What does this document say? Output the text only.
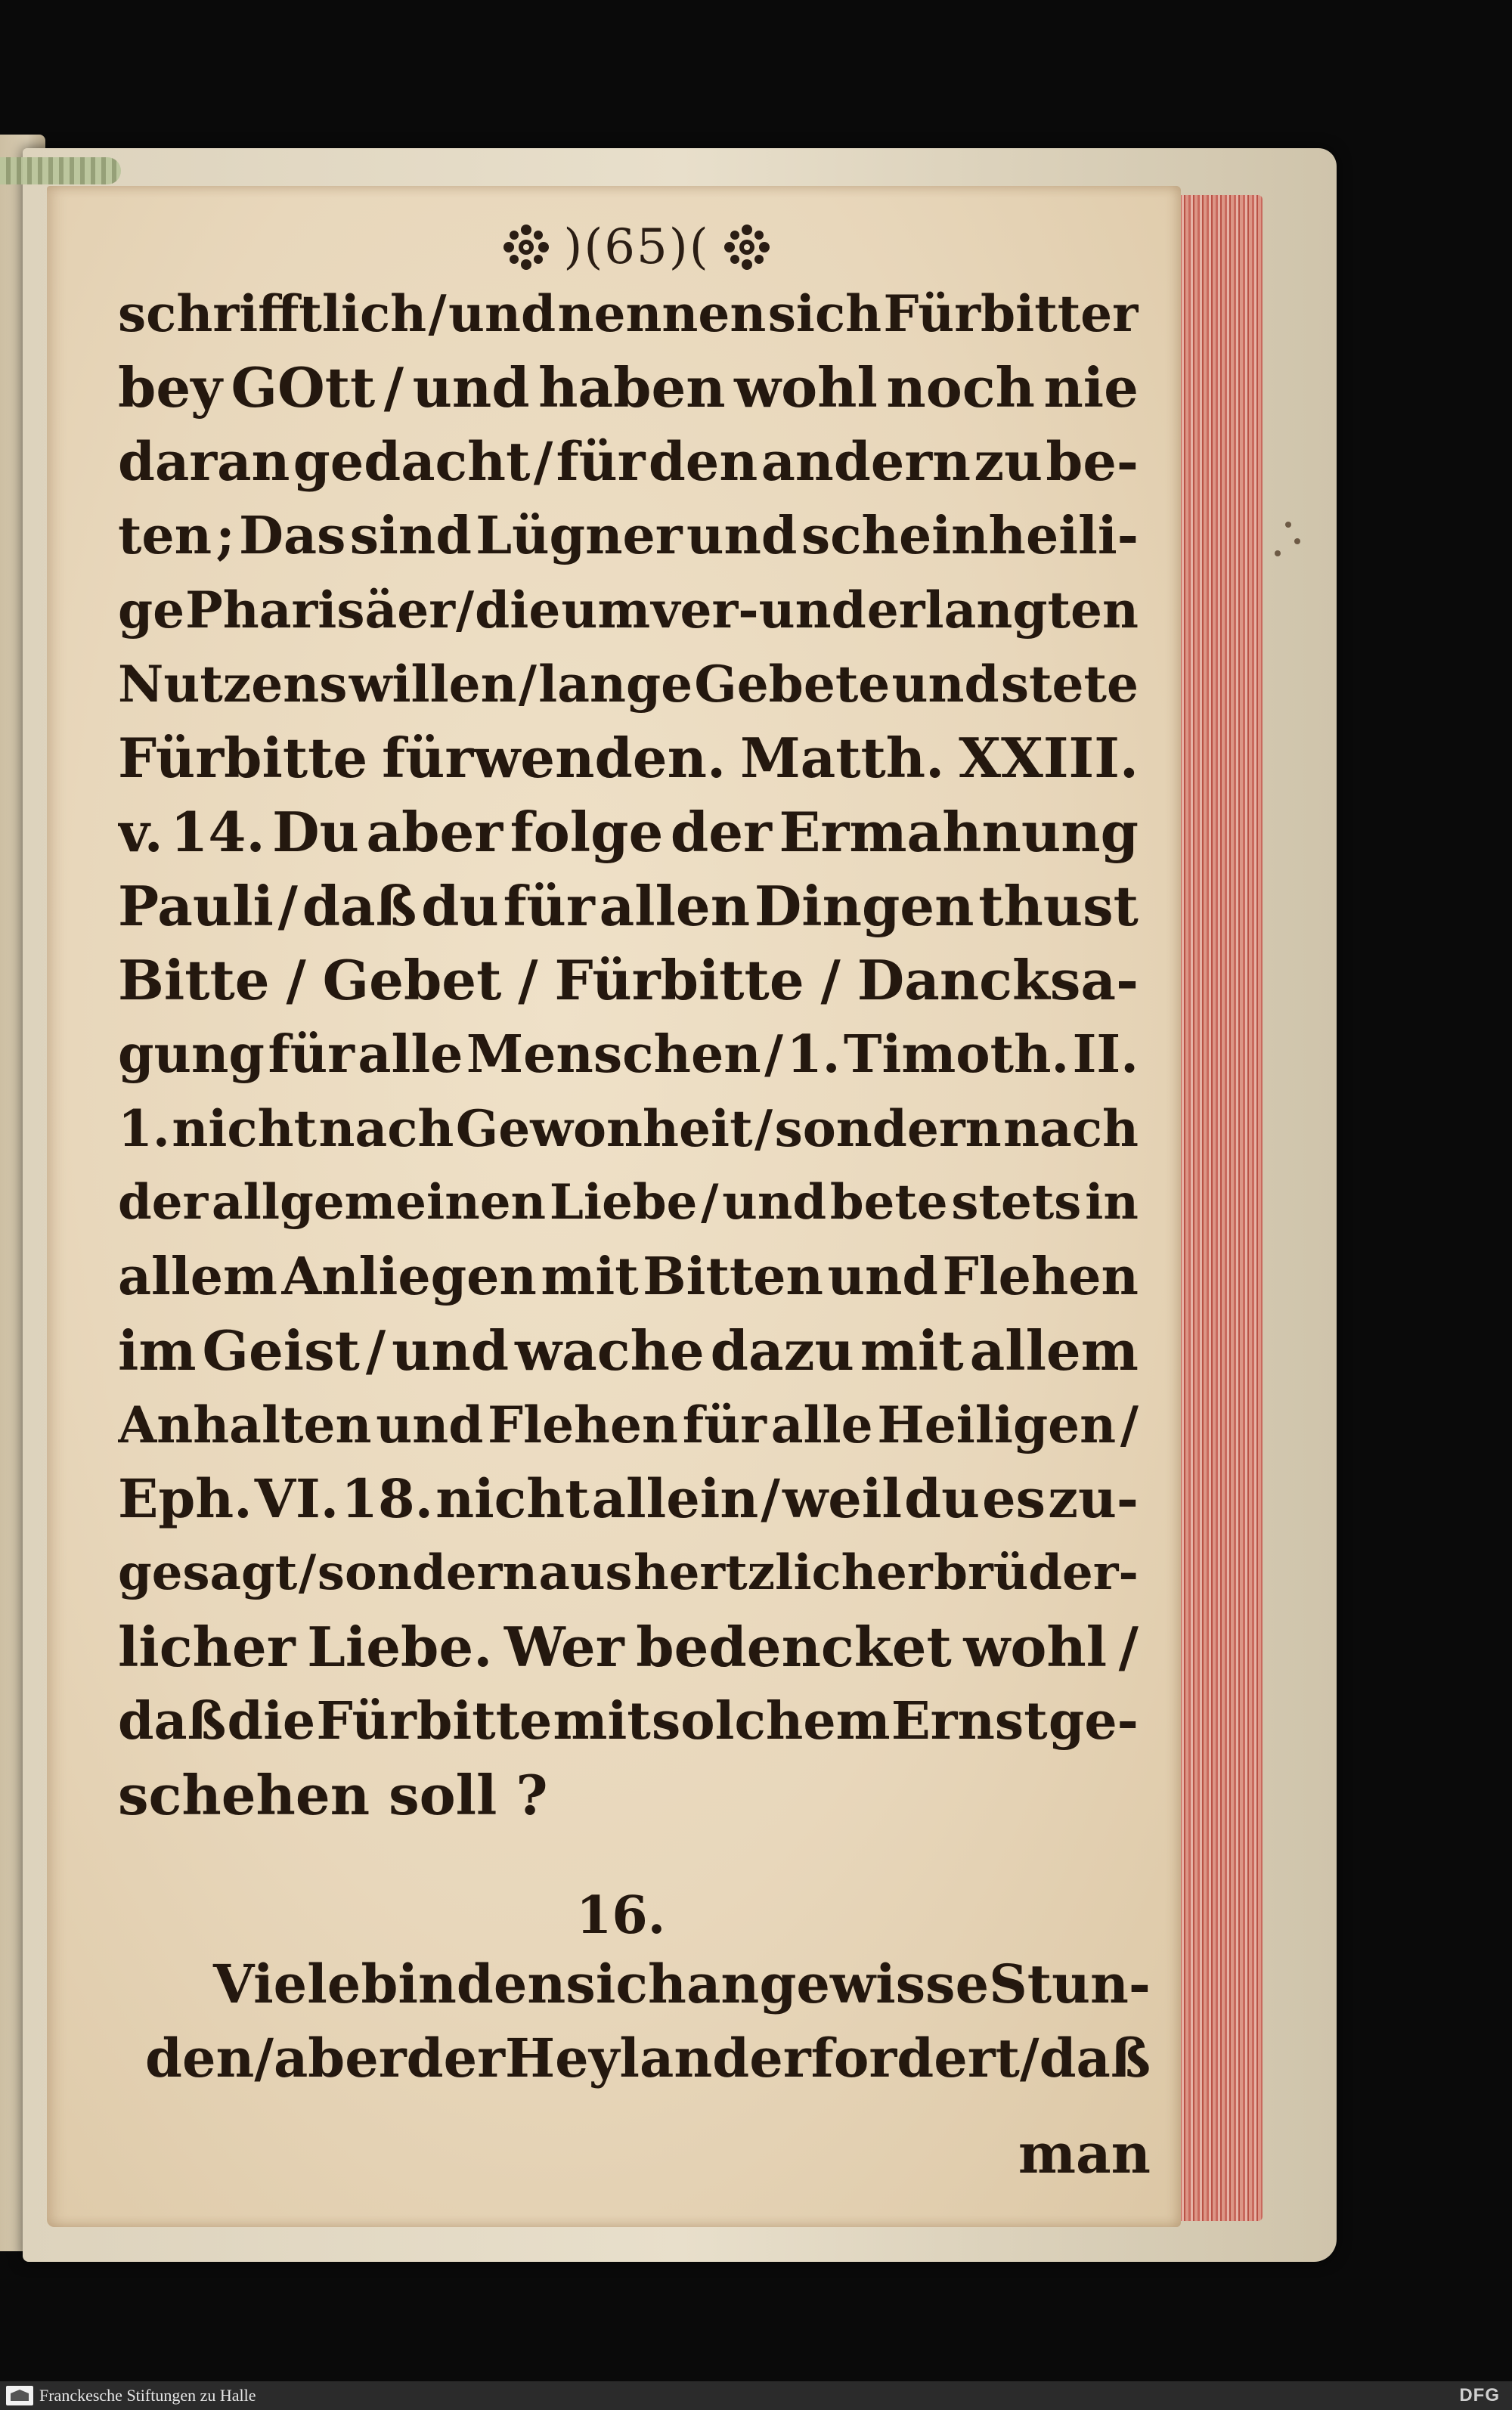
)(65)(
schrifftlich / und nennen sich Fürbitter
bey GOtt / und haben wohl noch nie
daran gedacht / für den andern zu be-
ten ; Das sind Lügner und scheinheili-
ge Pharisäer / die um ver-und erlangten
Nutzens willen / lange Gebete und stete
Fürbitte fürwenden. Matth. XXIII.
v. 14. Du aber folge der Ermahnung
Pauli / daß du für allen Dingen thust
Bitte / Gebet / Fürbitte / Dancksa-
gung für alle Menschen / 1. Timoth. II.
1. nicht nach Gewonheit / sondern nach
der allgemeinen Liebe / und bete stets in
allem Anliegen mit Bitten und Flehen
im Geist / und wache dazu mit allem
Anhalten und Flehen für alle Heiligen /
Eph. VI. 18. nicht allein / weil du es zu-
gesagt / sondern aus hertzlicher brüder-
licher Liebe. Wer bedencket wohl /
daß die Fürbitte mit solchem Ernst ge-
schehen soll ?
16.
Viele binden sich an gewisse Stun-
den / aber der Heyland erfordert / daß
man
Franckesche Stiftungen zu Halle	DFG
